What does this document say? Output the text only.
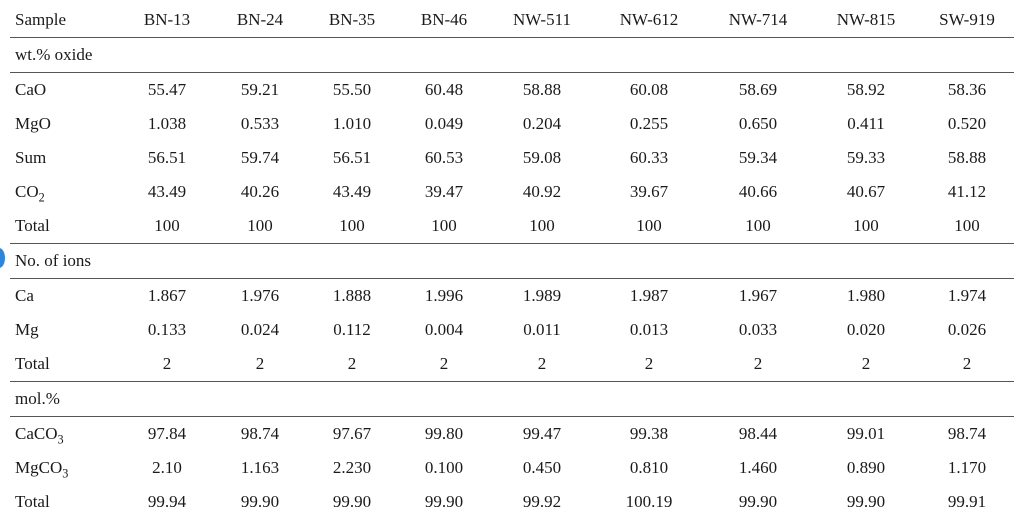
Sample	BN-13	BN-24	BN-35	BN-46	NW-511	NW-612	NW-714	NW-815	SW-919
wt.% oxide									
CaO	55.47	59.21	55.50	60.48	58.88	60.08	58.69	58.92	58.36
MgO	1.038	0.533	1.010	0.049	0.204	0.255	0.650	0.411	0.520
Sum	56.51	59.74	56.51	60.53	59.08	60.33	59.34	59.33	58.88
$CO_2$	43.49	40.26	43.49	39.47	40.92	39.67	40.66	40.67	41.12
Total	100	100	100	100	100	100	100	100	100
No. of ions									
Ca	1.867	1.976	1.888	1.996	1.989	1.987	1.967	1.980	1.974
Mg	0.133	0.024	0.112	0.004	0.011	0.013	0.033	0.020	0.026
Total	2	2	2	2	2	2	2	2	2
mol.%									
CaCO$_3$	97.84	98.74	97.67	99.80	99.47	99.38	98.44	99.01	98.74
MgCO$_3$	2.10	1.163	2.230	0.100	0.450	0.810	1.460	0.890	1.170
Total	99.94	99.90	99.90	99.90	99.92	100.19	99.90	99.90	99.91
